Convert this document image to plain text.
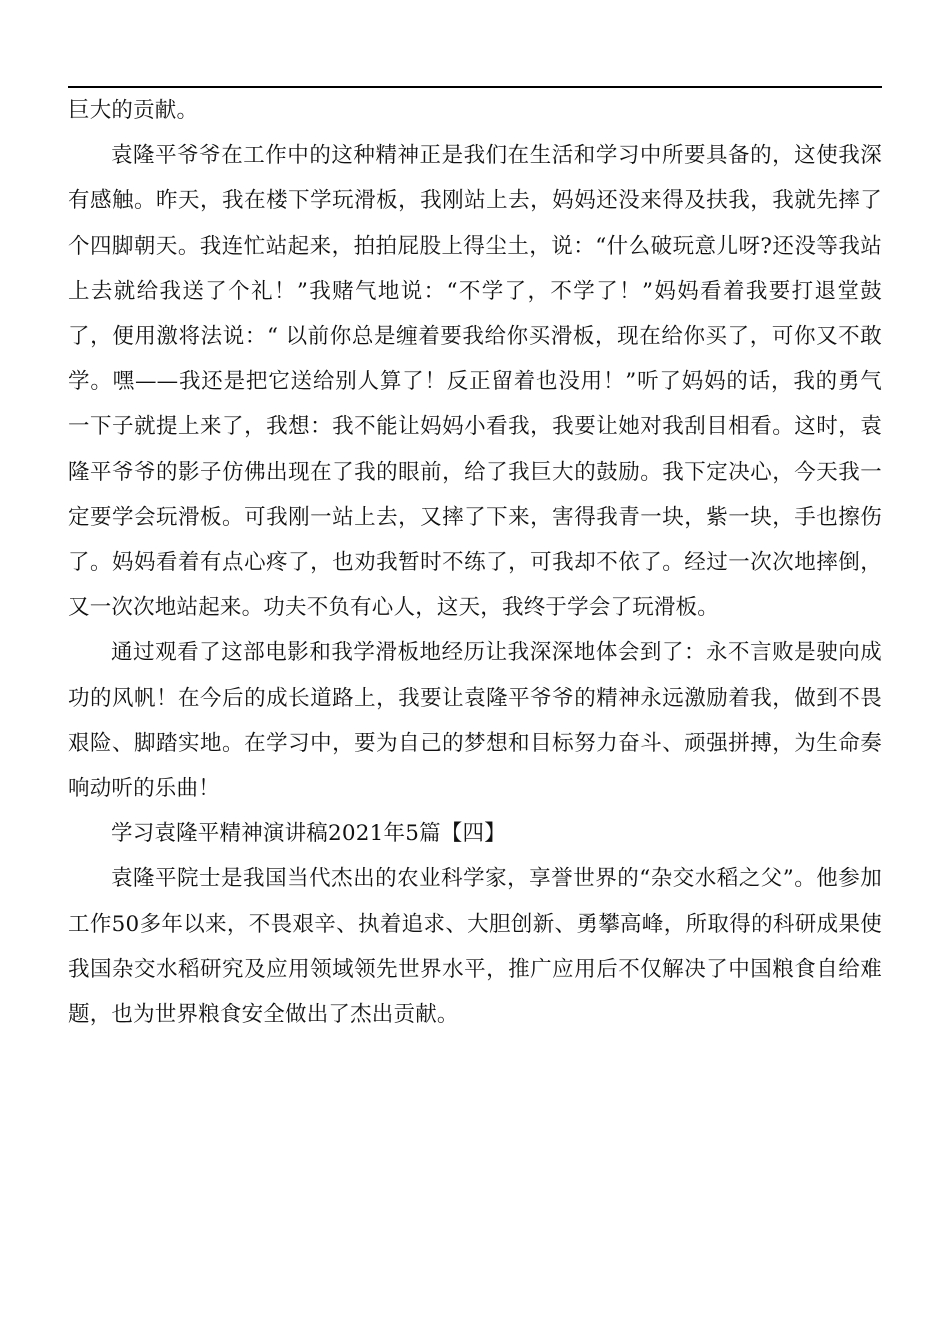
巨大的贡献。

袁隆平爷爷在工作中的这种精神正是我们在生活和学习中所要具备的，这使我深有感触。昨天，我在楼下学玩滑板，我刚站上去，妈妈还没来得及扶我，我就先摔了个四脚朝天。我连忙站起来，拍拍屁股上得尘土，说：“什么破玩意儿呀?还没等我站上去就给我送了个礼！”我赌气地说：“不学了，不学了！”妈妈看着我要打退堂鼓了，便用激将法说：“ 以前你总是缠着要我给你买滑板，现在给你买了，可你又不敢学。嘿——我还是把它送给别人算了！反正留着也没用！”听了妈妈的话，我的勇气一下子就提上来了，我想：我不能让妈妈小看我，我要让她对我刮目相看。这时，袁隆平爷爷的影子仿佛出现在了我的眼前，给了我巨大的鼓励。我下定决心，今天我一定要学会玩滑板。可我刚一站上去，又摔了下来，害得我青一块，紫一块，手也擦伤了。妈妈看着有点心疼了，也劝我暂时不练了，可我却不依了。经过一次次地摔倒，又一次次地站起来。功夫不负有心人，这天，我终于学会了玩滑板。

通过观看了这部电影和我学滑板地经历让我深深地体会到了：永不言败是驶向成功的风帆！在今后的成长道路上，我要让袁隆平爷爷的精神永远激励着我，做到不畏艰险、脚踏实地。在学习中，要为自己的梦想和目标努力奋斗、顽强拼搏，为生命奏响动听的乐曲！

学习袁隆平精神演讲稿2021年5篇【四】

袁隆平院士是我国当代杰出的农业科学家，享誉世界的“杂交水稻之父”。他参加工作50多年以来，不畏艰辛、执着追求、大胆创新、勇攀高峰，所取得的科研成果使我国杂交水稻研究及应用领域领先世界水平，推广应用后不仅解决了中国粮食自给难题，也为世界粮食安全做出了杰出贡献。
